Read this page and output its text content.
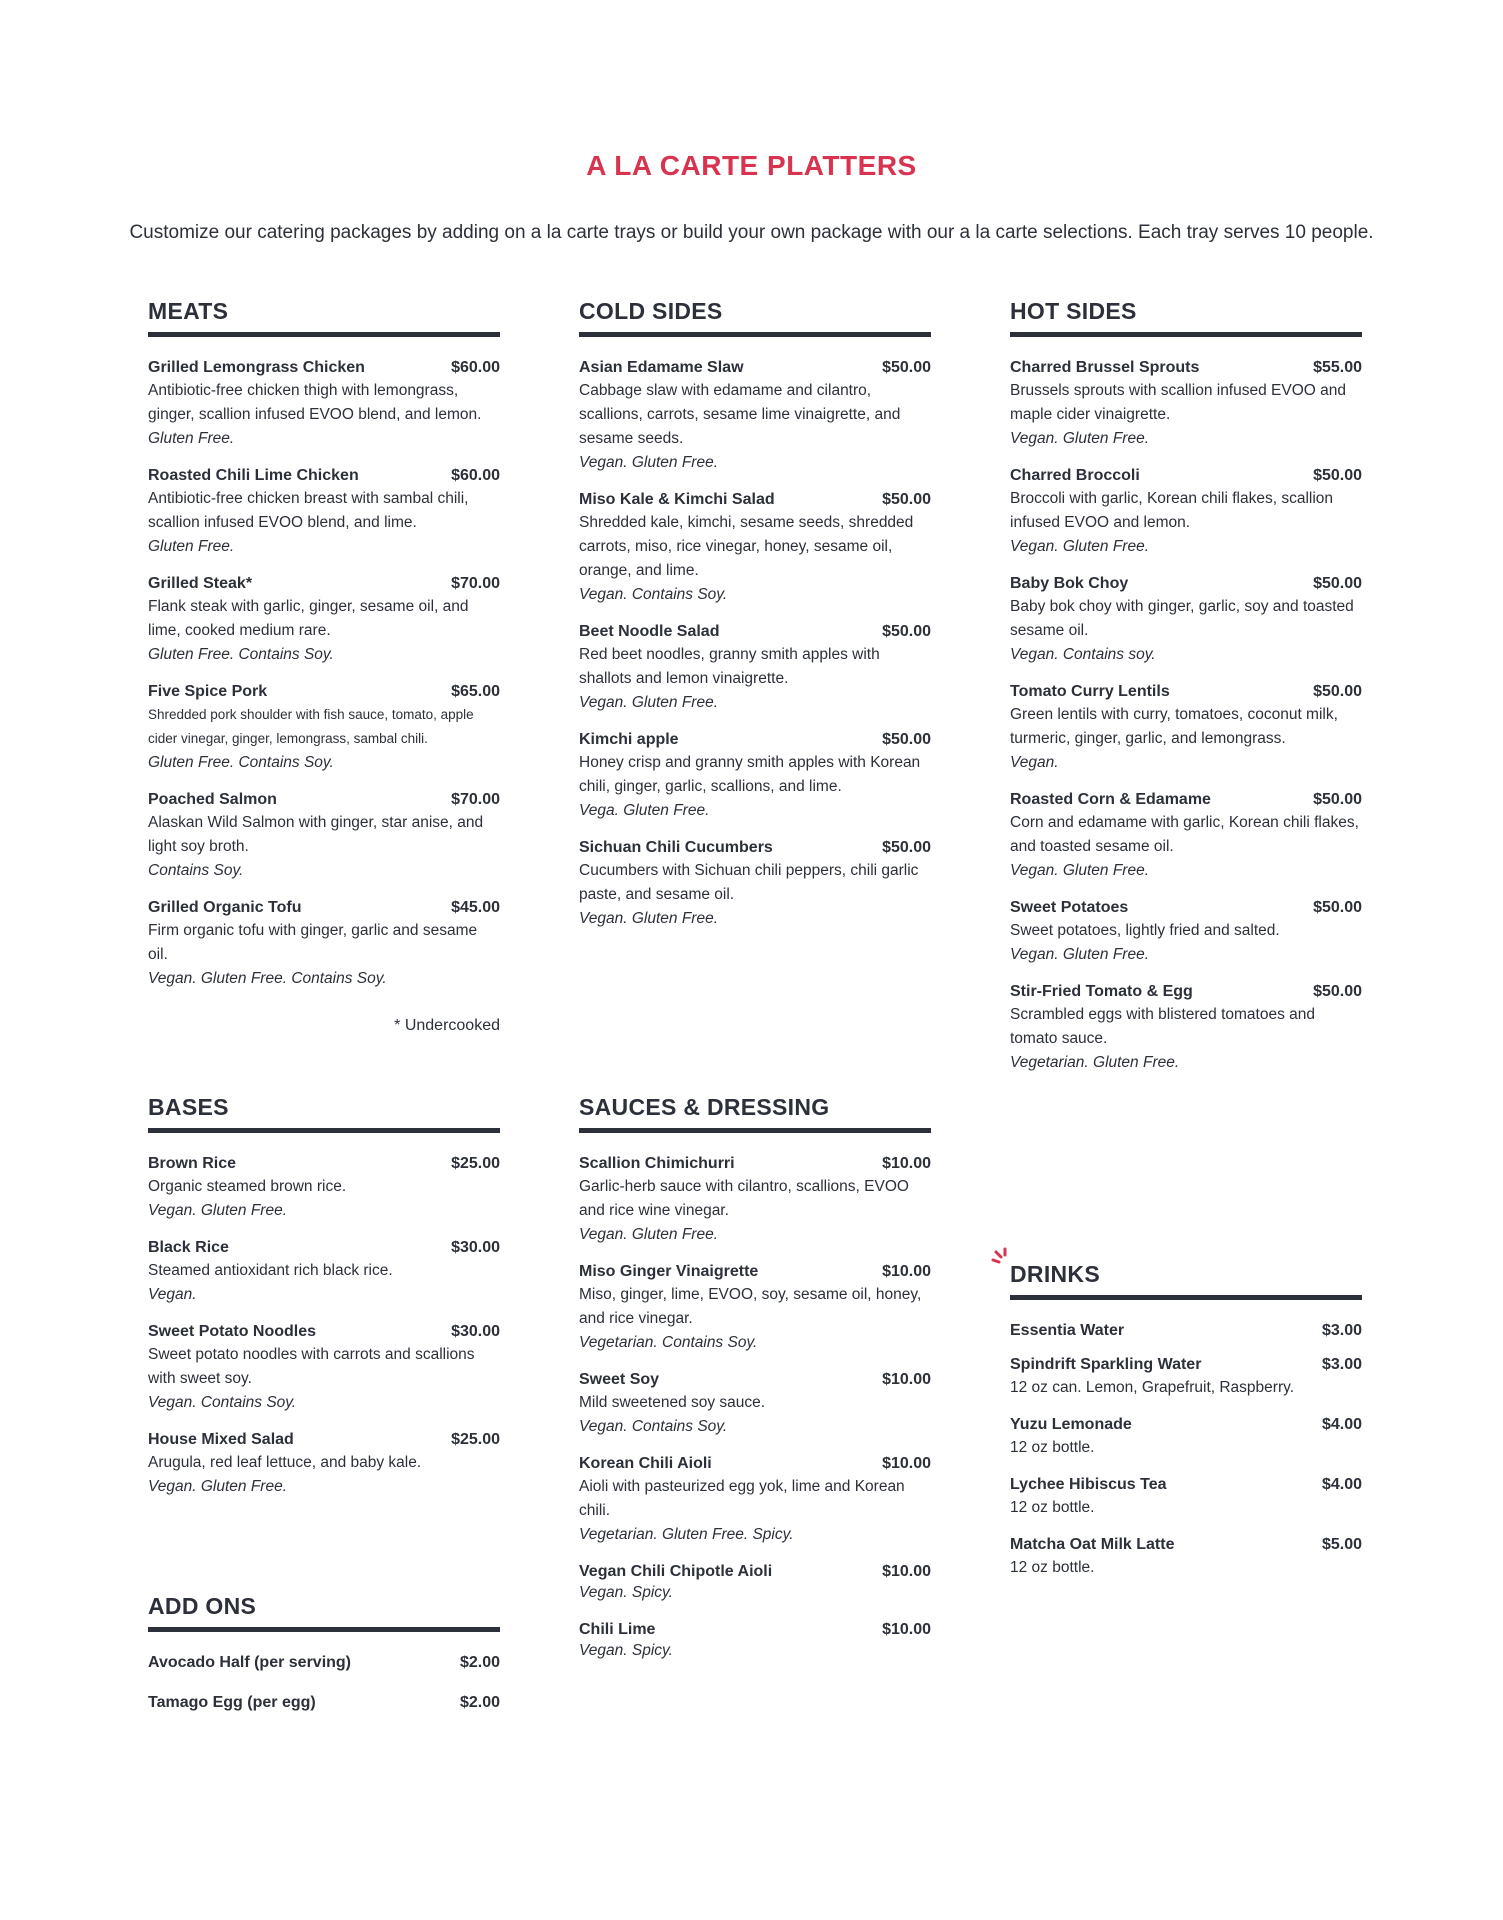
A LA CARTE PLATTERS
Customize our catering packages by adding on a la carte trays or build your own package with our a la carte selections. Each tray serves 10 people.
MEATS
Grilled Lemongrass Chicken	$60.00
Antibiotic-free chicken thigh with lemongrass, ginger, scallion infused EVOO blend, and lemon.
Gluten Free.
Roasted Chili Lime Chicken	$60.00
Antibiotic-free chicken breast with sambal chili, scallion infused EVOO blend, and lime.
Gluten Free.
Grilled Steak*	$70.00
Flank steak with garlic, ginger, sesame oil, and lime, cooked medium rare.
Gluten Free. Contains Soy.
Five Spice Pork	$65.00
Shredded pork shoulder with fish sauce, tomato, apple cider vinegar, ginger, lemongrass, sambal chili.
Gluten Free. Contains Soy.
Poached Salmon	$70.00
Alaskan Wild Salmon with ginger, star anise, and light soy broth.
Contains Soy.
Grilled Organic Tofu	$45.00
Firm organic tofu with ginger, garlic and sesame oil.
Vegan. Gluten Free. Contains Soy.
* Undercooked
BASES
Brown Rice	$25.00
Organic steamed brown rice.
Vegan. Gluten Free.
Black Rice	$30.00
Steamed antioxidant rich black rice.
Vegan.
Sweet Potato Noodles	$30.00
Sweet potato noodles with carrots and scallions with sweet soy.
Vegan. Contains Soy.
House Mixed Salad	$25.00
Arugula, red leaf lettuce, and baby kale.
Vegan. Gluten Free.
ADD ONS
Avocado Half (per serving)	$2.00
Tamago Egg (per egg)	$2.00
COLD SIDES
Asian Edamame Slaw	$50.00
Cabbage slaw with edamame and cilantro, scallions, carrots, sesame lime vinaigrette, and sesame seeds.
Vegan. Gluten Free.
Miso Kale & Kimchi Salad	$50.00
Shredded kale, kimchi, sesame seeds, shredded carrots, miso, rice vinegar, honey, sesame oil, orange, and lime.
Vegan. Contains Soy.
Beet Noodle Salad	$50.00
Red beet noodles, granny smith apples with shallots and lemon vinaigrette.
Vegan. Gluten Free.
Kimchi apple	$50.00
Honey crisp and granny smith apples with Korean chili, ginger, garlic, scallions, and lime.
Vega. Gluten Free.
Sichuan Chili Cucumbers	$50.00
Cucumbers with Sichuan chili peppers, chili garlic paste, and sesame oil.
Vegan. Gluten Free.
SAUCES & DRESSING
Scallion Chimichurri	$10.00
Garlic-herb sauce with cilantro, scallions, EVOO and rice wine vinegar.
Vegan. Gluten Free.
Miso Ginger Vinaigrette	$10.00
Miso, ginger, lime, EVOO, soy, sesame oil, honey, and rice vinegar.
Vegetarian. Contains Soy.
Sweet Soy	$10.00
Mild sweetened soy sauce.
Vegan. Contains Soy.
Korean Chili Aioli	$10.00
Aioli with pasteurized egg yok, lime and Korean chili.
Vegetarian. Gluten Free. Spicy.
Vegan Chili Chipotle Aioli	$10.00
Vegan. Spicy.
Chili Lime	$10.00
Vegan. Spicy.
HOT SIDES
Charred Brussel Sprouts	$55.00
Brussels sprouts with scallion infused EVOO and maple cider vinaigrette.
Vegan. Gluten Free.
Charred Broccoli	$50.00
Broccoli with garlic, Korean chili flakes, scallion infused EVOO and lemon.
Vegan. Gluten Free.
Baby Bok Choy	$50.00
Baby bok choy with ginger, garlic, soy and toasted sesame oil.
Vegan. Contains soy.
Tomato Curry Lentils	$50.00
Green lentils with curry, tomatoes, coconut milk, turmeric, ginger, garlic, and lemongrass.
Vegan.
Roasted Corn & Edamame	$50.00
Corn and edamame with garlic, Korean chili flakes, and toasted sesame oil.
Vegan. Gluten Free.
Sweet Potatoes	$50.00
Sweet potatoes, lightly fried and salted.
Vegan. Gluten Free.
Stir-Fried Tomato & Egg	$50.00
Scrambled eggs with blistered tomatoes and tomato sauce.
Vegetarian. Gluten Free.
DRINKS
Essentia Water	$3.00
Spindrift Sparkling Water	$3.00
12 oz can. Lemon, Grapefruit, Raspberry.
Yuzu Lemonade	$4.00
12 oz bottle.
Lychee Hibiscus Tea	$4.00
12 oz bottle.
Matcha Oat Milk Latte	$5.00
12 oz bottle.
